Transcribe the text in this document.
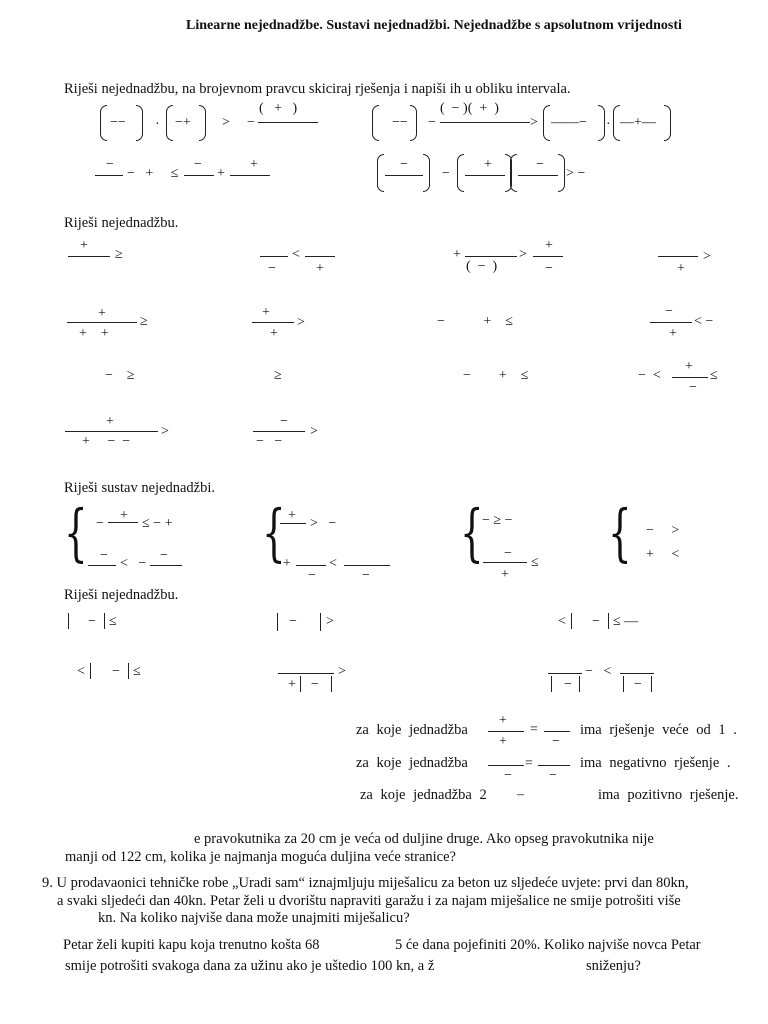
Linearne nejednadžbe. Sustavi nejednadžbi. Nejednadžbe s apsolutnom vrijednosti
Riješi nejednadžbu, na brojevnom pravcu skiciraj rješenja i napiši ih u obliku intervala.
−− · −+ > −
(   +   )
−− −
(  − )(  +  )
> ——− · —+—
−
−   +     ≤
−
+
+	−
−
+	−
> −
Riješi nejednadžbu.
+
≥
−
<
+
+
(  −  )
>
+
−	+
>
+
+    +
≥
+
+
>	−           +    ≤
−
+
< −
−    ≥	≥	−        +    ≤	−  <
+
−
≤
+
+     −  −
>
−
−   −
>
Riješi sustav nejednadžbi.
{ −
+
≤ − +
−
<   −
− { +
>   −
+
−
<
−
{
− ≥ −
−
+
≤ { −     >
+     <
Riješi nejednadžbu.
− ≤	− >	< − ≤ —
< − ≤
+ −
>
−
−   <
−
za koje jednadžba
+
+
=
−
ima rješenje veće od 1 .
za koje jednadžba
−
=
−
ima negativno rješenje .
za koje jednadžba 2 –	ima pozitivno rješenje.
e pravokutnika za 20 cm je veća od duljine druge. Ako opseg pravokutnika nije
manji od 122 cm, kolika je najmanja moguća duljina veće stranice?
9. U prodavaonici tehničke robe „Uradi sam“ iznajmljuju miješalicu za beton uz sljedeće uvjete: prvi dan 80kn,
a svaki sljedeći dan 40kn. Petar želi u dvorištu napraviti garažu i za najam miješalice ne smije potrošiti više
kn. Na koliko najviše dana može unajmiti miješalicu?
Petar želi kupiti kapu koja trenutno košta 68	5 će dana pojefiniti 20%. Koliko najviše novca Petar
smije potrošiti svakoga dana za užinu ako je uštedio 100 kn, a ž	sniženju?
